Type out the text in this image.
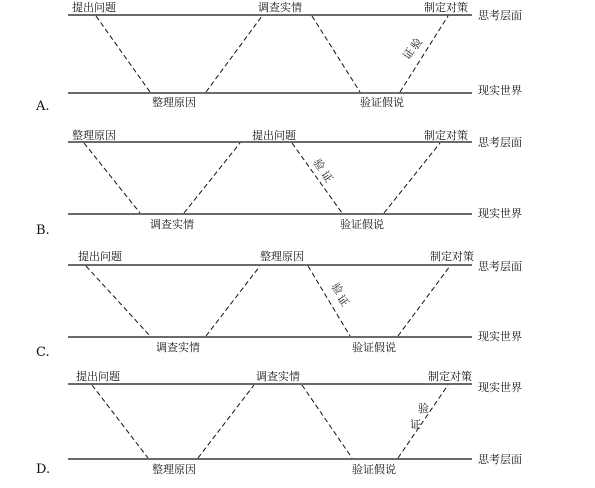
提出问题	调查实情	制定对策
整理原因	验证假说
思考层面
现实世界
A.
验
证
整理原因	提出问题	制定对策
调查实情	验证假说
思考层面
现实世界
B.
验
证
提出问题	整理原因	制定对策
调查实情	验证假说
思考层面
现实世界
C.
验
证
提出问题	调查实情	制定对策
整理原因	验证假说
现实世界
思考层面
D.
验
证
